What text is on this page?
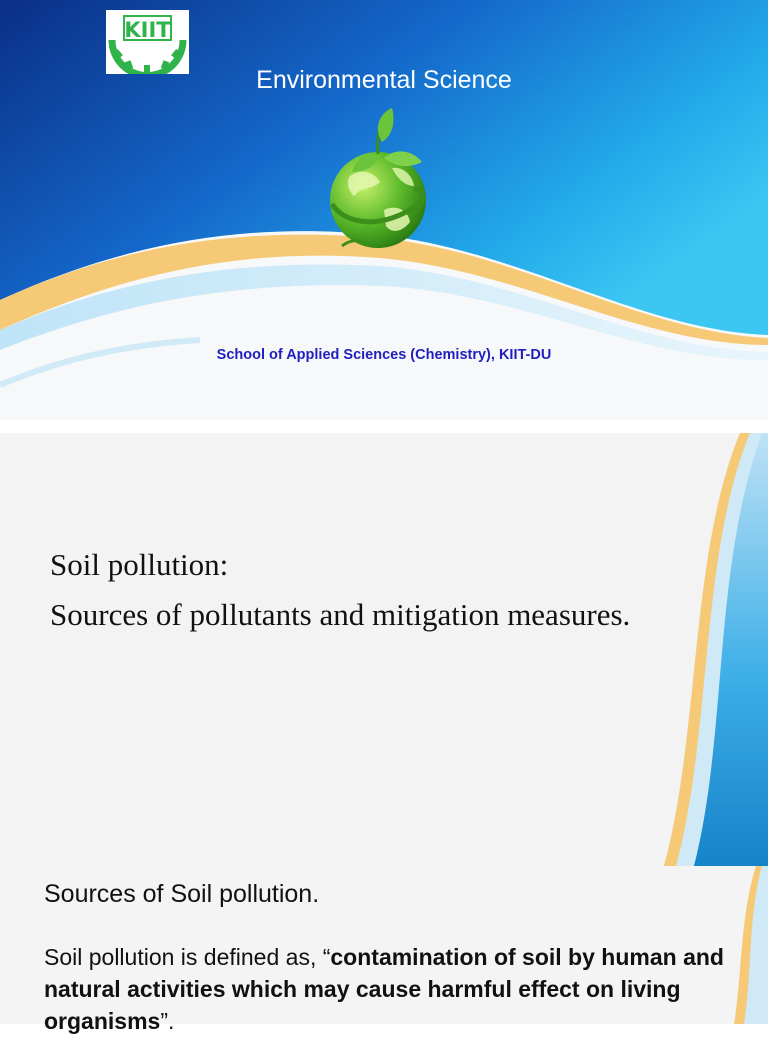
KIIT
Environmental Science
School of Applied Sciences (Chemistry), KIIT-DU
Soil pollution:
Sources of pollutants and mitigation measures.
Sources of Soil pollution.
Soil pollution is defined as, “contamination of soil by human and natural activities which may cause harmful effect on living organisms”.
